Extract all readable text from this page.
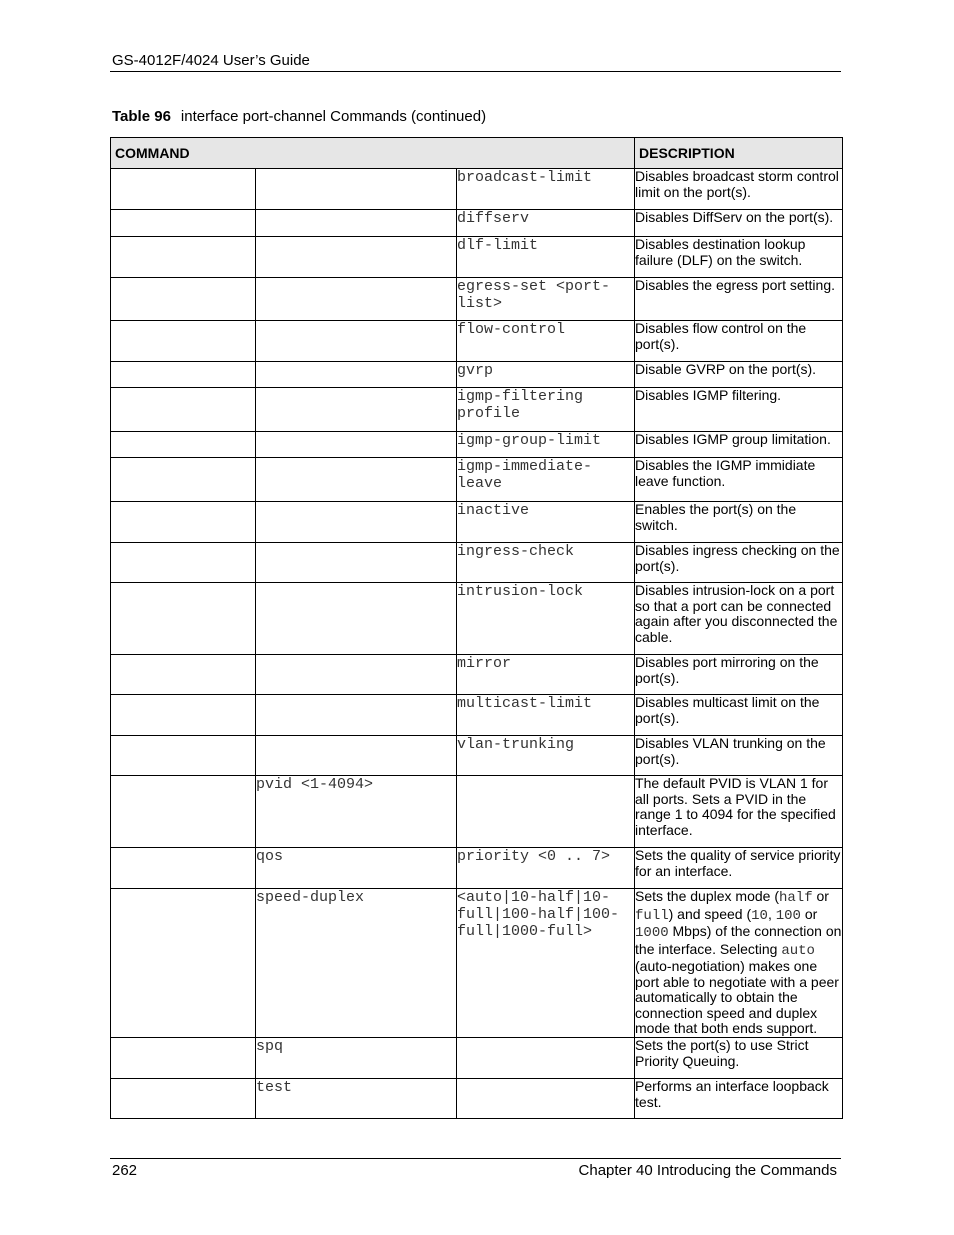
GS-4012F/4024 User’s Guide
Table 96 interface port-channel Commands (continued)
COMMAND			DESCRIPTION
		broadcast-limit	Disables broadcast storm control limit on the port(s).
		diffserv	Disables DiffServ on the port(s).
		dlf-limit	Disables destination lookup failure (DLF) on the switch.
		egress-set <port-list>	Disables the egress port setting.
		flow-control	Disables flow control on the port(s).
		gvrp	Disable GVRP on the port(s).
		igmp-filtering profile	Disables IGMP filtering.
		igmp-group-limit	Disables IGMP group limitation.
		igmp-immediate-leave	Disables the IGMP immidiate leave function.
		inactive	Enables the port(s) on the switch.
		ingress-check	Disables ingress checking on the port(s).
		intrusion-lock	Disables intrusion-lock on a port so that a port can be connected again after you disconnected the cable.
		mirror	Disables port mirroring on the port(s).
		multicast-limit	Disables multicast limit on the port(s).
		vlan-trunking	Disables VLAN trunking on the port(s).
	pvid <1-4094>		The default PVID is VLAN 1 for all ports. Sets a PVID in the range 1 to 4094 for the specified interface.
	qos	priority <0 .. 7>	Sets the quality of service priority for an interface.
	speed-duplex	<auto|10-half|10-full|100-half|100-full|1000-full>	Sets the duplex mode (half or full) and speed (10, 100 or 1000 Mbps) of the connection on the interface. Selecting auto (auto-negotiation) makes one port able to negotiate with a peer automatically to obtain the connection speed and duplex mode that both ends support.
	spq		Sets the port(s) to use Strict Priority Queuing.
	test		Performs an interface loopback test.
262	Chapter 40 Introducing the Commands
